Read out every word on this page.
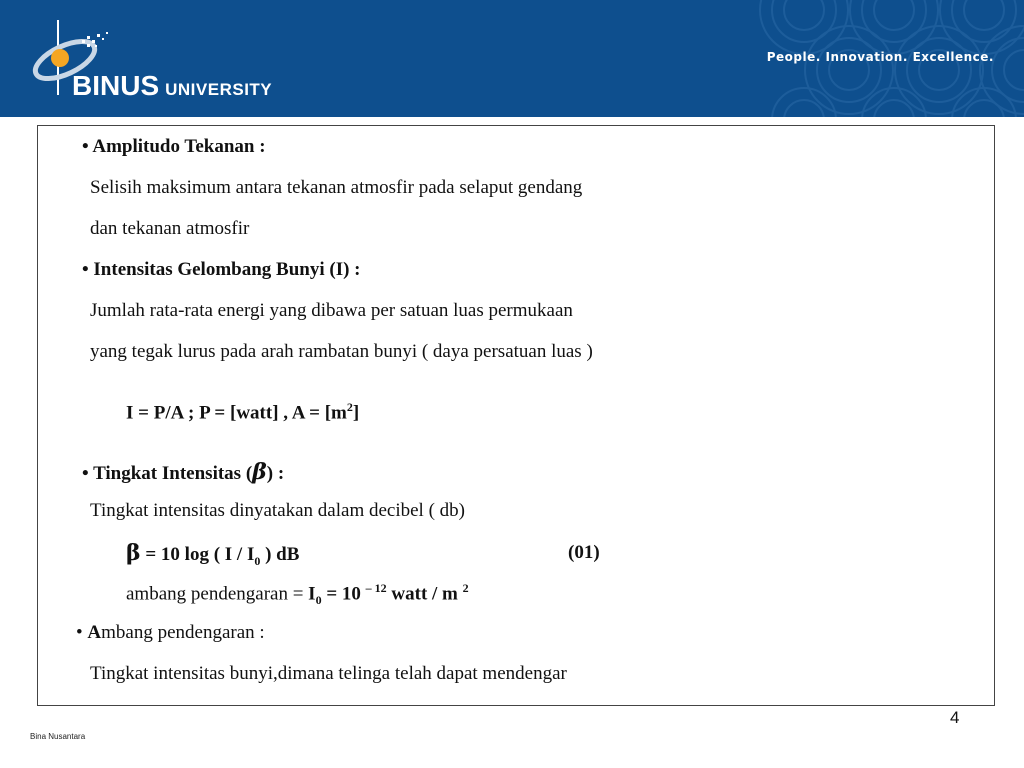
BINUS UNIVERSITY
People. Innovation. Excellence.
• Amplitudo Tekanan :
Selisih maksimum antara tekanan atmosfir pada selaput gendang
dan tekanan atmosfir
• Intensitas Gelombang Bunyi (I) :
Jumlah rata-rata energi yang dibawa per satuan luas permukaan
yang tegak lurus pada arah rambatan bunyi ( daya persatuan luas )
I = P/A ; P = [watt] , $A = [m^2]$
• Tingkat Intensitas (β) :
Tingkat intensitas dinyatakan dalam decibel ( db)
β = 10 log ( I / $I_0$ ) dB	(01)
ambang pendengaran = $I_0 = 10$ $^{- 12}$ watt / m $^2$
• Ambang pendengaran :
Tingkat intensitas bunyi,dimana telinga telah dapat mendengar
4
Bina Nusantara
